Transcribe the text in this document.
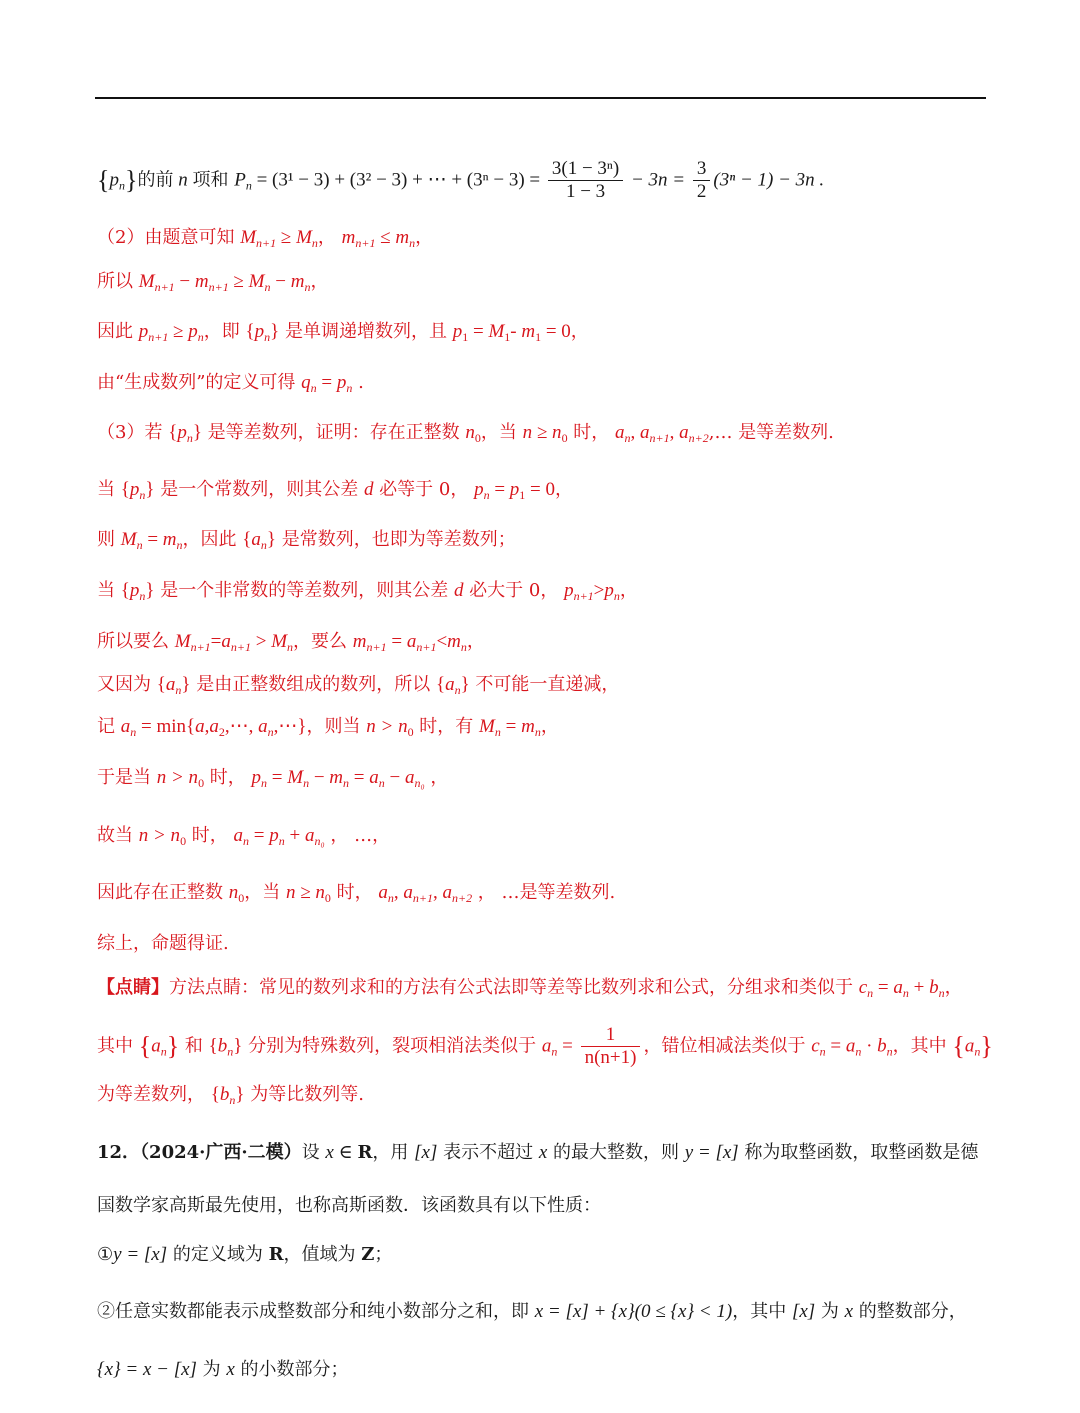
$\{p_n\}$的前 n 项和 $P_n = (3^1 - 3) + (3^2 - 3)$ + ⋯ + $(3^n - 3) = \frac{\text{3(1 − 3ⁿ)}}{1 - 3} - 3n = \frac{3}{2} (3^n - 1) - 3n$ .
（2）由题意可知 $M_{n+1} \ge M_n$， $m_{n+1} \le m_n$，
所以 $M_{n+1} - m_{n+1} \ge M_n - m_n$，
因此 $p_{n+1} \ge p_n$，即 $\{p_n\}$ 是单调递增数列，且 $p_1 = M_1-$ $m_1 = 0$，
由“生成数列”的定义可得 $q_n = p_n$ .
（3）若 $\{p_n\}$ 是等差数列，证明：存在正整数 $n_0$，当 $n \ge n_0$ 时， $a_n$, $a_{n+1}$, $a_{n+2},\dots$ 是等差数列.
当 $\{p_n\}$ 是一个常数列，则其公差 d 必等于 0， $p_n = p_1 = 0$，
则 $M_n = m_n$，因此 $\{a_n\}$ 是常数列，也即为等差数列；
当 $\{p_n\}$ 是一个非常数的等差数列，则其公差 d 必大于 0， $p_{n+1}>p_n$，
所以要么 $M_{n+1}=a_{n+1} > M_n$，要么 $m_{n+1} = a_{n+1}<m_n$，
又因为 $\{a_n\}$ 是由正整数组成的数列，所以 $\{a_n\}$ 不可能一直递减，
记 $a_n$ = $\min\{a,a_2,\cdots$, $a_n,\cdots$}，则当 $n > n_0$ 时，有 $M_n = m_n$，
于是当 $n > n_0$ 时， $p_n = M_n - m_n = a_n - a_{n_0}$ ，
故当 $n > n_0$ 时， $a_n = p_n + a_{n_0}$ ， …，
因此存在正整数 $n_0$，当 $n \ge n_0$ 时， $a_n$, $a_{n+1}$, $a_{n+2}$ ， …是等差数列.
综上，命题得证.
【点睛】方法点睛：常见的数列求和的方法有公式法即等差等比数列求和公式，分组求和类似于 $c_n = a_n + b_n$，
其中 $\{a_n\}$ 和 $\{b_n\}$ 分别为特殊数列，裂项相消法类似于 $a_n = \frac{1}{n(n+1)}$ ，错位相减法类似于 $c_n = a_n \cdot b_n$，其中 $\{a_n\}$
为等差数列， $\{b_n\}$ 为等比数列等.
12．（2024·广西·二模）设 x ∈ R，用 [x] 表示不超过 x 的最大整数，则 y = [x] 称为取整函数，取整函数是德
国数学家高斯最先使用，也称高斯函数．该函数具有以下性质：
①y = [x] 的定义域为 R，值域为 Z；
②任意实数都能表示成整数部分和纯小数部分之和，即 x = [x] + {x}(0 ≤ {x} < 1)，其中 [x] 为 x 的整数部分，
{x} = x − [x] 为 x 的小数部分；
